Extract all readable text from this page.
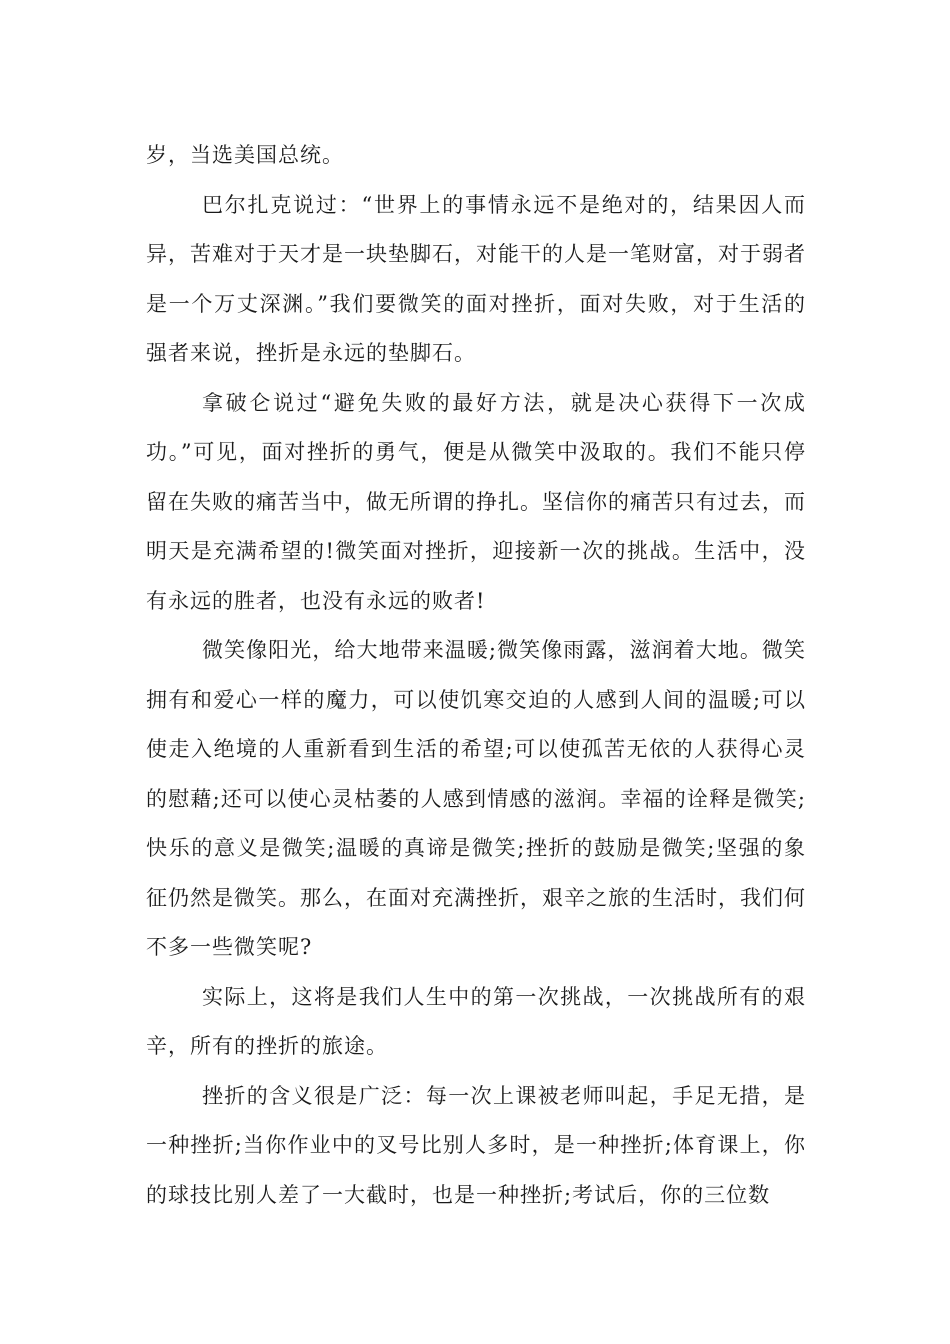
岁，当选美国总统。

巴尔扎克说过：“世界上的事情永远不是绝对的，结果因人而异，苦难对于天才是一块垫脚石，对能干的人是一笔财富，对于弱者是一个万丈深渊。”我们要微笑的面对挫折，面对失败，对于生活的强者来说，挫折是永远的垫脚石。

拿破仑说过“避免失败的最好方法，就是决心获得下一次成功。”可见，面对挫折的勇气，便是从微笑中汲取的。我们不能只停留在失败的痛苦当中，做无所谓的挣扎。坚信你的痛苦只有过去，而明天是充满希望的!微笑面对挫折，迎接新一次的挑战。生活中，没有永远的胜者，也没有永远的败者!

微笑像阳光，给大地带来温暖;微笑像雨露，滋润着大地。微笑拥有和爱心一样的魔力，可以使饥寒交迫的人感到人间的温暖;可以使走入绝境的人重新看到生活的希望;可以使孤苦无依的人获得心灵的慰藉;还可以使心灵枯萎的人感到情感的滋润。幸福的诠释是微笑;快乐的意义是微笑;温暖的真谛是微笑;挫折的鼓励是微笑;坚强的象征仍然是微笑。那么，在面对充满挫折，艰辛之旅的生活时，我们何不多一些微笑呢?

实际上，这将是我们人生中的第一次挑战，一次挑战所有的艰辛，所有的挫折的旅途。

挫折的含义很是广泛：每一次上课被老师叫起，手足无措，是一种挫折;当你作业中的叉号比别人多时，是一种挫折;体育课上，你的球技比别人差了一大截时，也是一种挫折;考试后，你的三位数
